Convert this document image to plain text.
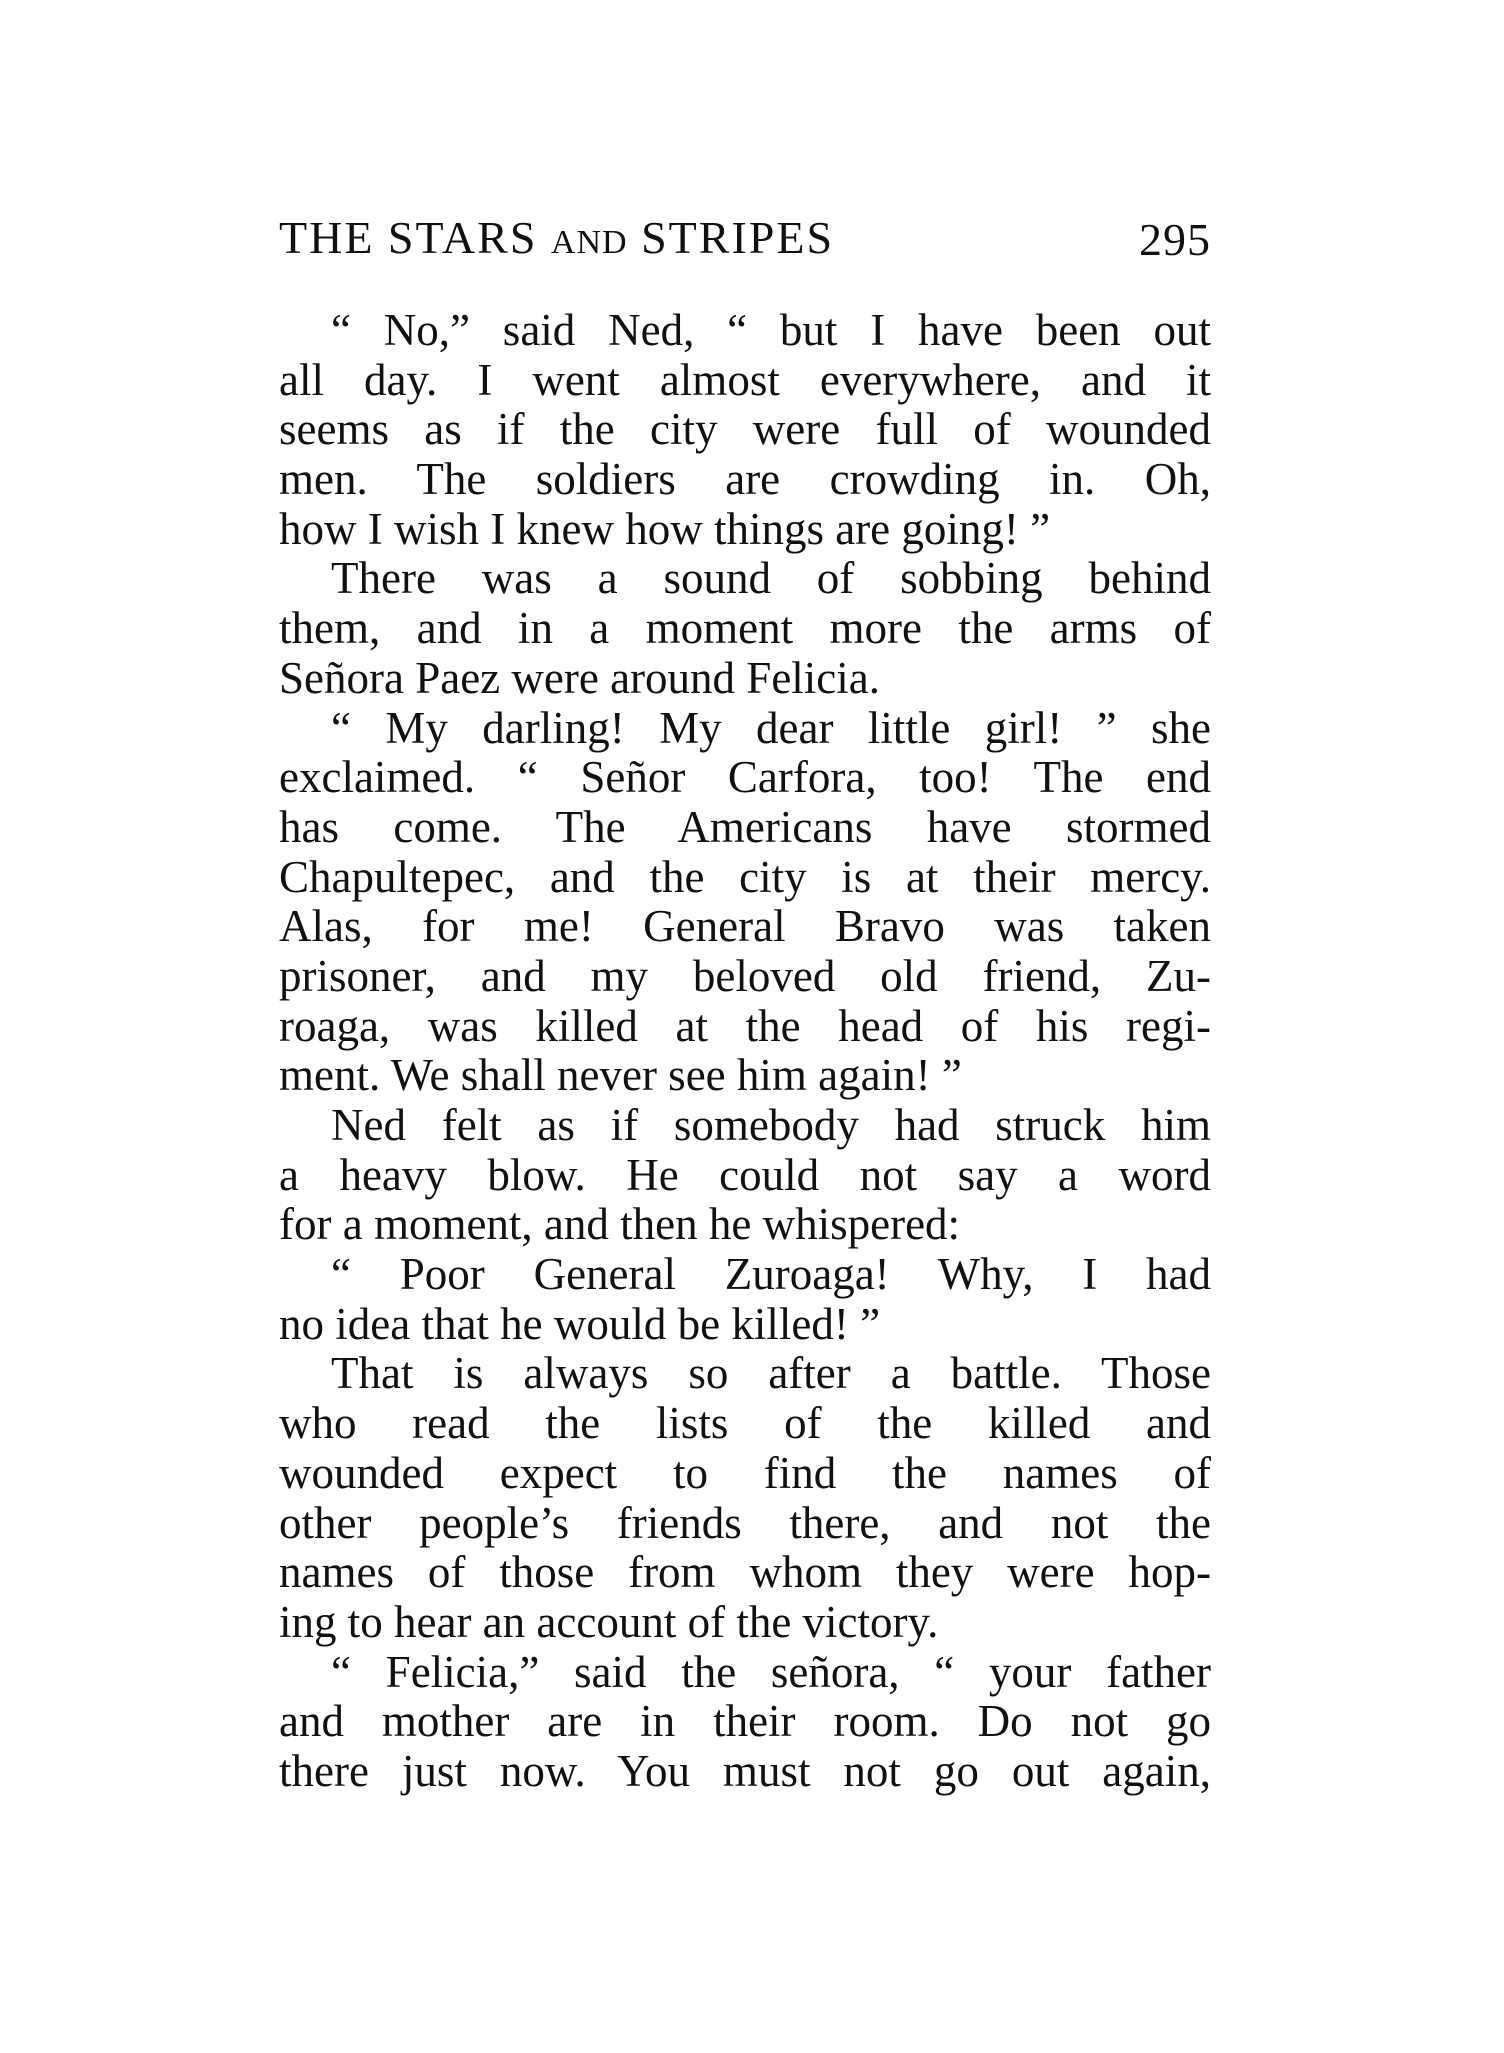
THE STARS AND STRIPES	295
“ No,” said Ned, “ but I have been out
all day. I went almost everywhere, and it
seems as if the city were full of wounded
men. The soldiers are crowding in. Oh,
how I wish I knew how things are going! ”
There was a sound of sobbing behind
them, and in a moment more the arms of
Señora Paez were around Felicia.
“ My darling! My dear little girl! ” she
exclaimed. “ Señor Carfora, too! The end
has come. The Americans have stormed
Chapultepec, and the city is at their mercy.
Alas, for me! General Bravo was taken
prisoner, and my beloved old friend, Zu-
roaga, was killed at the head of his regi-
ment. We shall never see him again! ”
Ned felt as if somebody had struck him
a heavy blow. He could not say a word
for a moment, and then he whispered:
“ Poor General Zuroaga! Why, I had
no idea that he would be killed! ”
That is always so after a battle. Those
who read the lists of the killed and
wounded expect to find the names of
other people’s friends there, and not the
names of those from whom they were hop-
ing to hear an account of the victory.
“ Felicia,” said the señora, “ your father
and mother are in their room. Do not go
there just now. You must not go out again,
